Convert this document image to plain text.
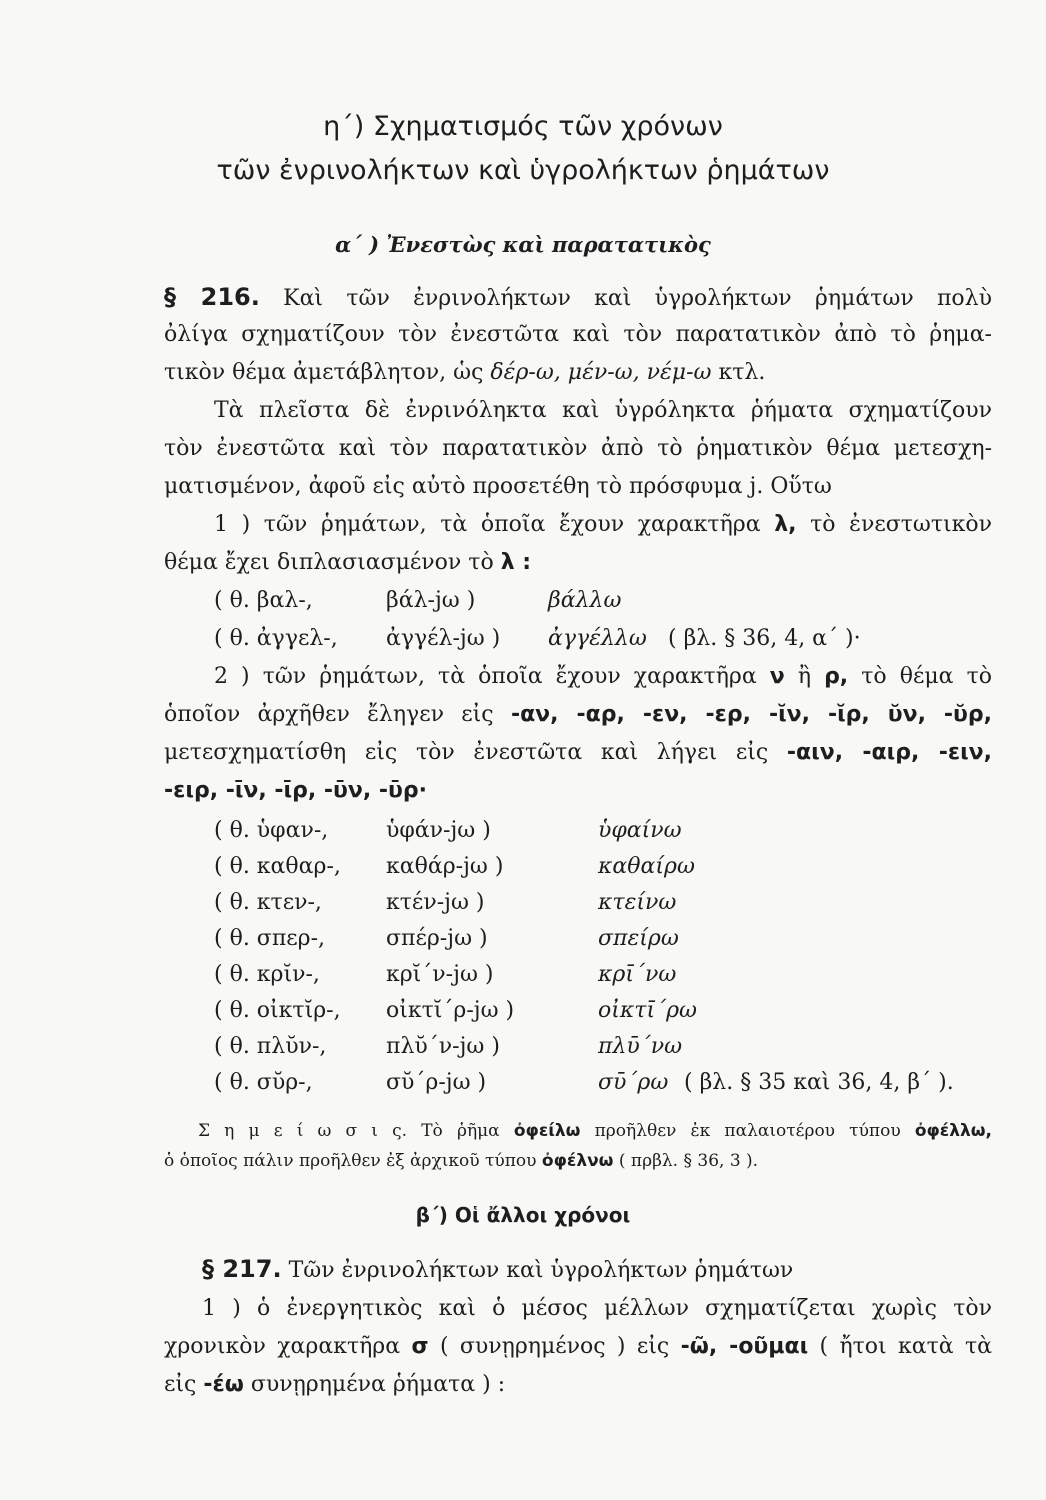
η΄) Σχηματισμός τῶν χρόνων
τῶν ἐνρινολήκτων καὶ ὑγρολήκτων ῥημάτων
α΄ ) Ἐνεστὼς καὶ παρατατικὸς
§ 216. Καὶ τῶν ἐνρινολήκτων καὶ ὑγρολήκτων ῥημάτων πολὺ
ὀλίγα σχηματίζουν τὸν ἐνεστῶτα καὶ τὸν παρατατικὸν ἀπὸ τὸ ῥημα-
τικὸν θέμα ἀμετάβλητον, ὡς δέρ-ω, μέν-ω, νέμ-ω κτλ.
Τὰ πλεῖστα δὲ ἐνρινόληκτα καὶ ὑγρόληκτα ῥήματα σχηματίζουν
τὸν ἐνεστῶτα καὶ τὸν παρατατικὸν ἀπὸ τὸ ῥηματικὸν θέμα μετεσχη-
ματισμένον, ἀφοῦ εἰς αὐτὸ προσετέθη τὸ πρόσφυμα j. Οὕτω
1 ) τῶν ῥημάτων, τὰ ὁποῖα ἔχουν χαρακτῆρα λ, τὸ ἐνεστωτικὸν
θέμα ἔχει διπλασιασμένον τὸ λ :
( θ. βαλ-,	βάλ-jω )	βάλλω
( θ. ἀγγελ-, ἀγγέλ-jω ) ἀγγέλλω ( βλ. § 36, 4, α΄ )·
2 ) τῶν ῥημάτων, τὰ ὁποῖα ἔχουν χαρακτῆρα ν ἢ ρ, τὸ θέμα τὸ
ὁποῖον ἀρχῆθεν ἔληγεν εἰς -αν, -αρ, -εν, -ερ, -ῐν, -ῐρ, ῠν, -ῠρ,
μετεσχηματίσθη εἰς τὸν ἐνεστῶτα καὶ λήγει εἰς -αιν, -αιρ, -ειν,
-ειρ, -ῑν, -ῑρ, -ῡν, -ῡρ·
( θ. ὑφαν-,	ὑφάν-jω )	ὑφαίνω
( θ. καθαρ-, καθάρ-jω )	καθαίρω
( θ. κτεν-,	κτέν-jω )	κτείνω
( θ. σπερ-,	σπέρ-jω )	σπείρω
( θ. κρῐν-,	κρῐ΄ν-jω )	κρῑ΄νω
( θ. οἰκτῐρ-, οἰκτῐ΄ρ-jω )	οἰκτῑ΄ρω
( θ. πλῠν-,	πλῠ΄ν-jω )	πλῡ΄νω
( θ. σῠρ-,	σῠ΄ρ-jω )	σῡ΄ρω ( βλ. § 35 καὶ 36, 4, β΄ ).
Σ η μ ε ί ω σ ι ς. Τὸ ῥῆμα ὀφείλω προῆλθεν ἐκ παλαιοτέρου τύπου ὀφέλλω,
ὁ ὁποῖος πάλιν προῆλθεν ἐξ ἀρχικοῦ τύπου ὀφέλνω ( πρβλ. § 36, 3 ).
β΄) Οἱ ἄλλοι χρόνοι
§ 217. Τῶν ἐνρινολήκτων καὶ ὑγρολήκτων ῥημάτων
1 ) ὁ ἐνεργητικὸς καὶ ὁ μέσος μέλλων σχηματίζεται χωρὶς τὸν
χρονικὸν χαρακτῆρα σ ( συνῃρημένος ) εἰς -ῶ, -οῦμαι ( ἤτοι κατὰ τὰ
εἰς -έω συνῃρημένα ῥήματα ) :
